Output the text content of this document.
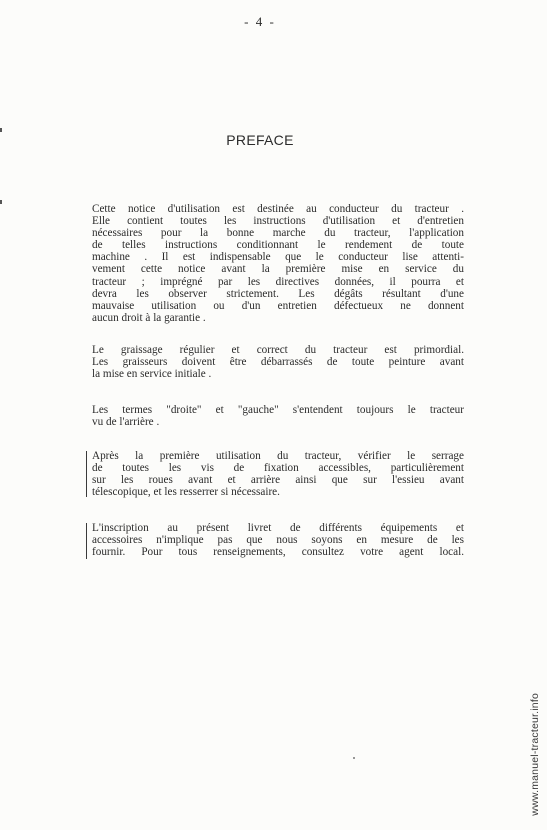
- 4 -
PREFACE
Cette notice d'utilisation est destinée au conducteur du tracteur .
Elle contient toutes les instructions d'utilisation et d'entretien
nécessaires pour la bonne marche du tracteur, l'application
de telles instructions conditionnant le rendement de toute
machine . Il est indispensable que le conducteur lise attenti-
vement cette notice avant la première mise en service du
tracteur ; imprégné par les directives données, il pourra et
devra les observer strictement. Les dégâts résultant d'une
mauvaise utilisation ou d'un entretien défectueux ne donnent
aucun droit à la garantie .
Le graissage régulier et correct du tracteur est primordial.
Les graisseurs doivent être débarrassés de toute peinture avant
la mise en service initiale .
Les termes "droite" et "gauche" s'entendent toujours le tracteur
vu de l'arrière .
Après la première utilisation du tracteur, vérifier le serrage
de toutes les vis de fixation accessibles, particulièrement
sur les roues avant et arrière ainsi que sur l'essieu avant
télescopique, et les resserrer si nécessaire.
L'inscription au présent livret de différents équipements et
accessoires n'implique pas que nous soyons en mesure de les
fournir. Pour tous renseignements, consultez votre agent local.
www.manuel-tracteur.info
